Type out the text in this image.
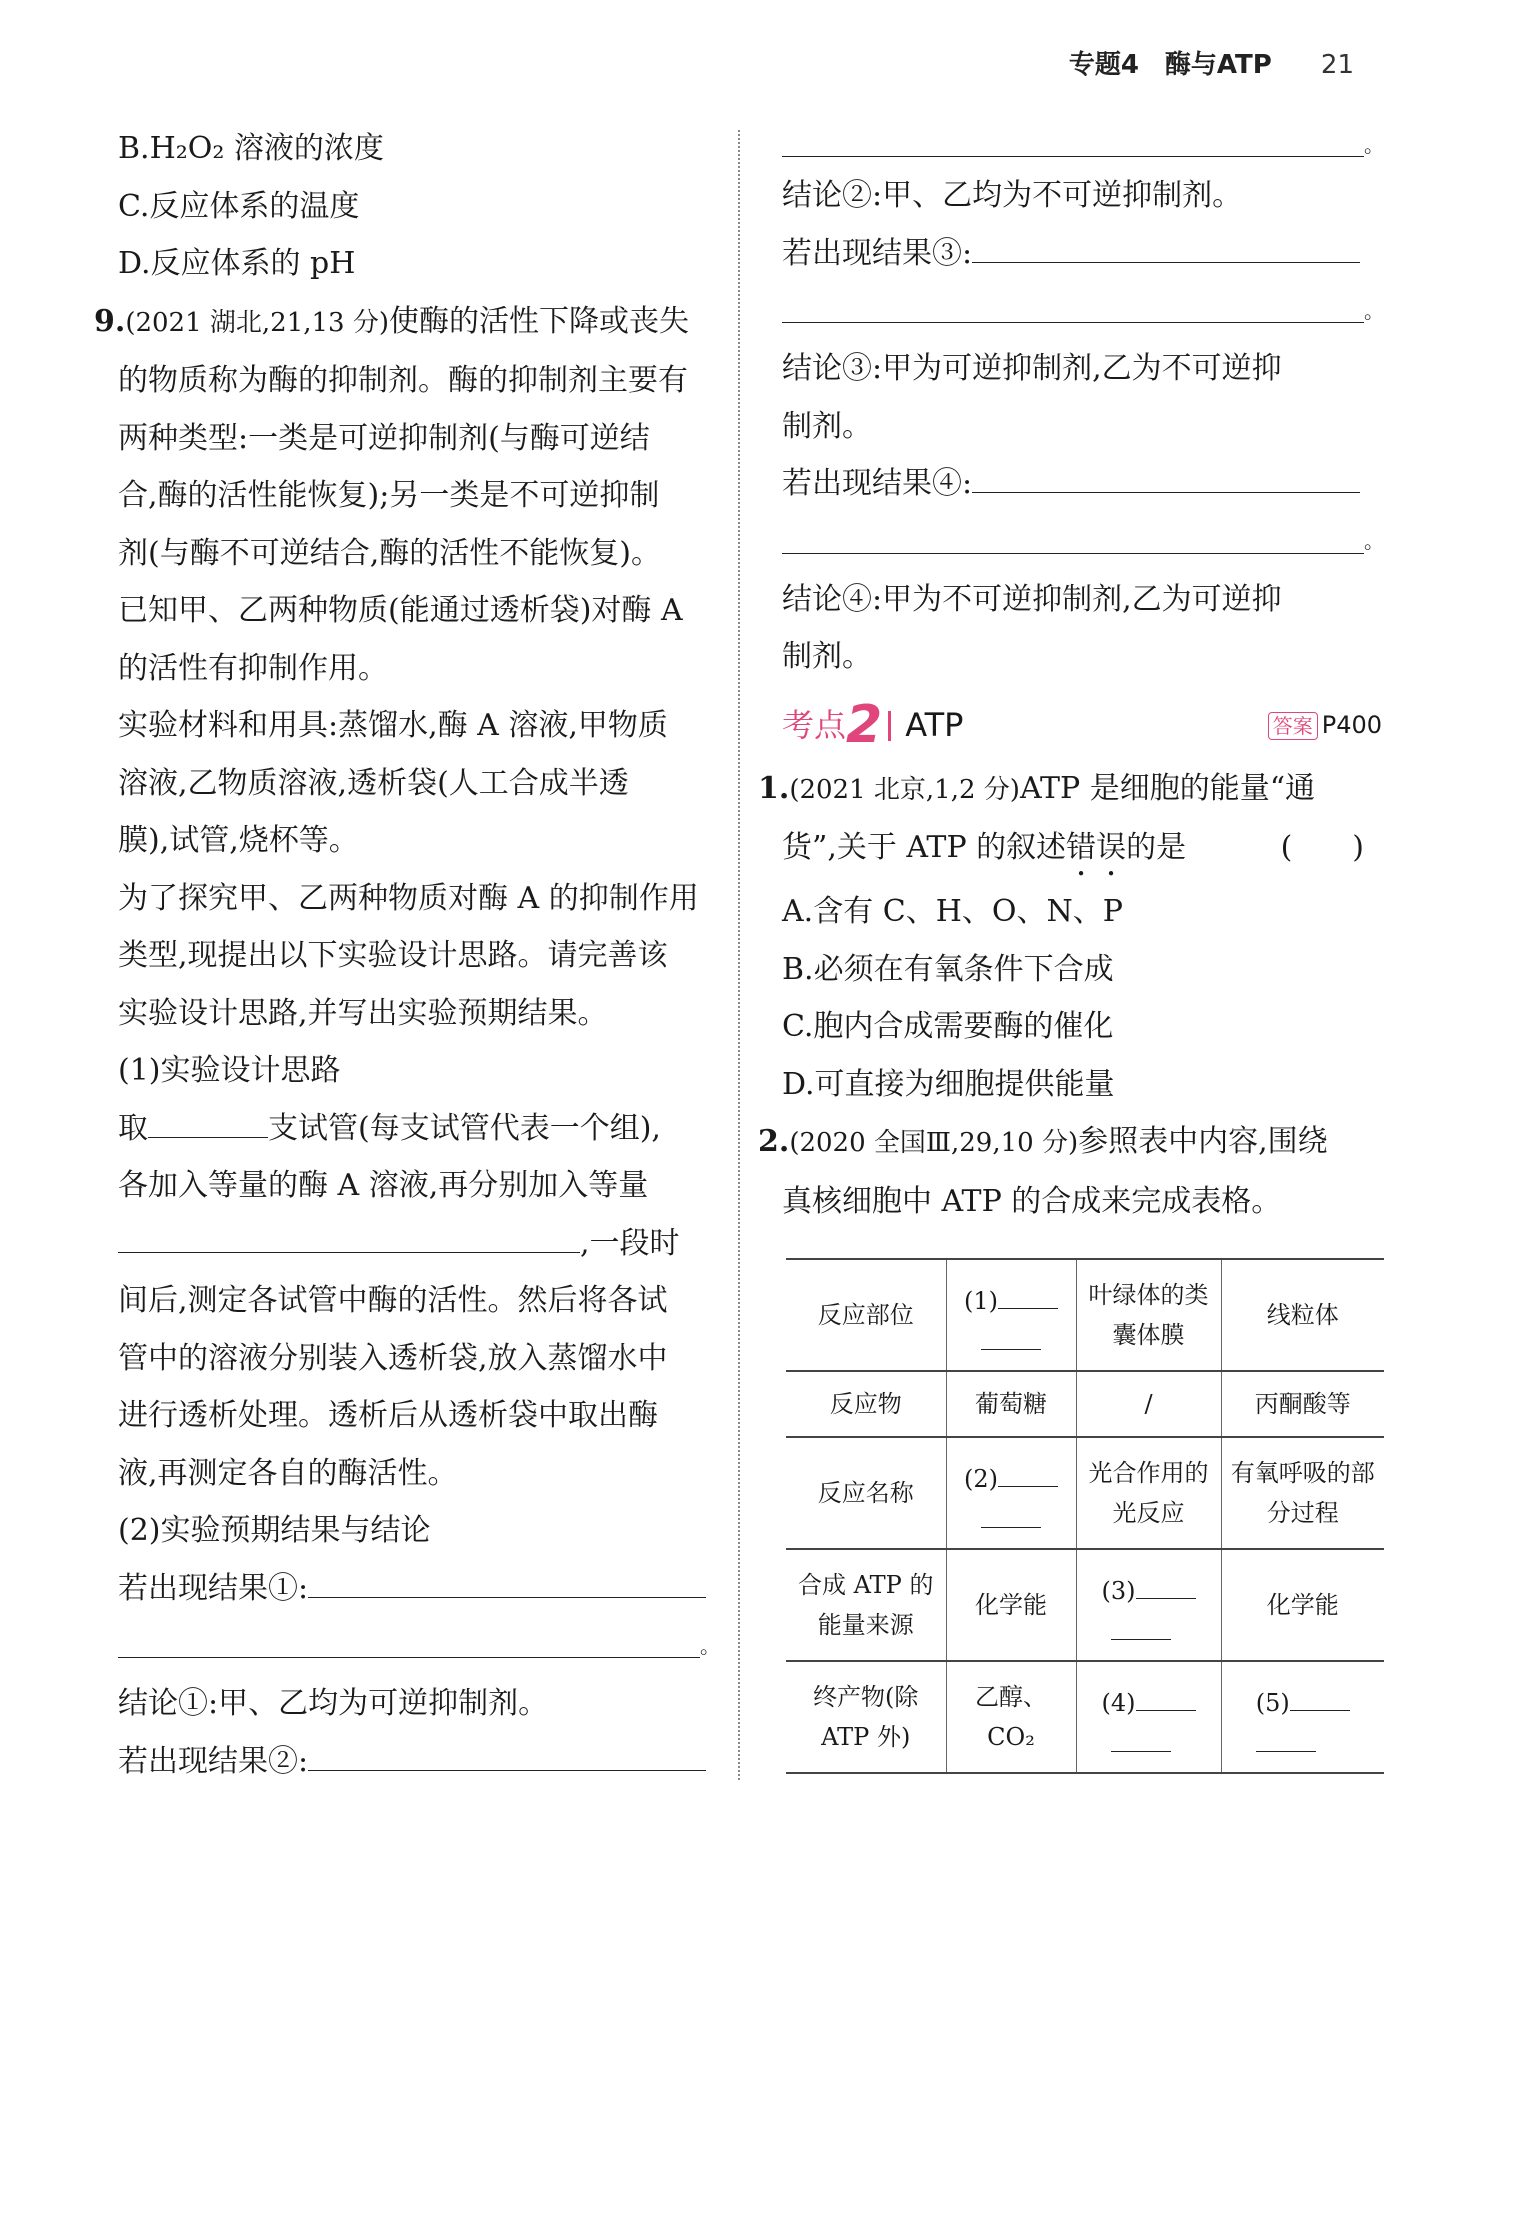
专题4　酶与ATP 21
B.H₂O₂ 溶液的浓度
C.反应体系的温度
D.反应体系的 pH
9.(2021 湖北,21,13 分)使酶的活性下降或丧失
的物质称为酶的抑制剂。酶的抑制剂主要有
两种类型:一类是可逆抑制剂(与酶可逆结
合,酶的活性能恢复);另一类是不可逆抑制
剂(与酶不可逆结合,酶的活性不能恢复)。
已知甲、乙两种物质(能通过透析袋)对酶 A
的活性有抑制作用。
实验材料和用具:蒸馏水,酶 A 溶液,甲物质
溶液,乙物质溶液,透析袋(人工合成半透
膜),试管,烧杯等。
为了探究甲、乙两种物质对酶 A 的抑制作用
类型,现提出以下实验设计思路。请完善该
实验设计思路,并写出实验预期结果。
(1)实验设计思路
取	支试管(每支试管代表一个组),
各加入等量的酶 A 溶液,再分别加入等量
,一段时
间后,测定各试管中酶的活性。然后将各试
管中的溶液分别装入透析袋,放入蒸馏水中
进行透析处理。透析后从透析袋中取出酶
液,再测定各自的酶活性。
(2)实验预期结果与结论
若出现结果①:
。
结论①:甲、乙均为可逆抑制剂。
若出现结果②:
。
结论②:甲、乙均为不可逆抑制剂。
若出现结果③:
。
结论③:甲为可逆抑制剂,乙为不可逆抑
制剂。
若出现结果④:
。
结论④:甲为不可逆抑制剂,乙为可逆抑
制剂。
考点 2 ATP	答案 P400
1.(2021 北京,1,2 分)ATP 是细胞的能量“通
货”,关于 ATP 的叙述错误的是	(　　)
A.含有 C、H、O、N、P
B.必须在有氧条件下合成
C.胞内合成需要酶的催化
D.可直接为细胞提供能量
2.(2020 全国Ⅲ,29,10 分)参照表中内容,围绕
真核细胞中 ATP 的合成来完成表格。
反应部位	(1)	叶绿体的类囊体膜	线粒体
反应物	葡萄糖	/	丙酮酸等
反应名称	(2)	光合作用的光反应	有氧呼吸的部分过程
合成 ATP 的能量来源	化学能	(3)	化学能
终产物(除 ATP 外)	乙醇、CO₂	(4)	(5)
